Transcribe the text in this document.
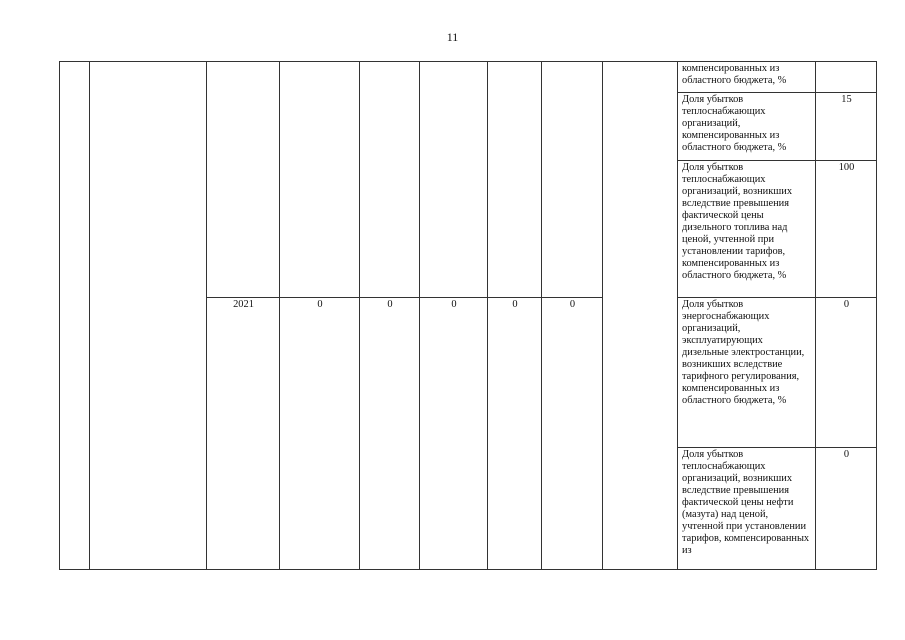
11
									компенсированных из областного бюджета, %	
									Доля убытков теплоснабжающих организаций, компенсированных из областного бюджета, %	15
									Доля убытков теплоснабжающих организаций, возникших вследствие превышения фактической цены дизельного топлива над ценой, учтенной при установлении тарифов, компенсированных из областного бюджета, %	100
		2021	0	0	0	0	0		Доля убытков энергоснабжающих организаций, эксплуатирующих дизельные электростанции, возникших вследствие тарифного регулирования, компенсированных из областного бюджета, %	0
									Доля убытков теплоснабжающих организаций, возникших вследствие превышения фактической цены нефти (мазута) над ценой, учтенной при установлении тарифов, компенсированных из	0
